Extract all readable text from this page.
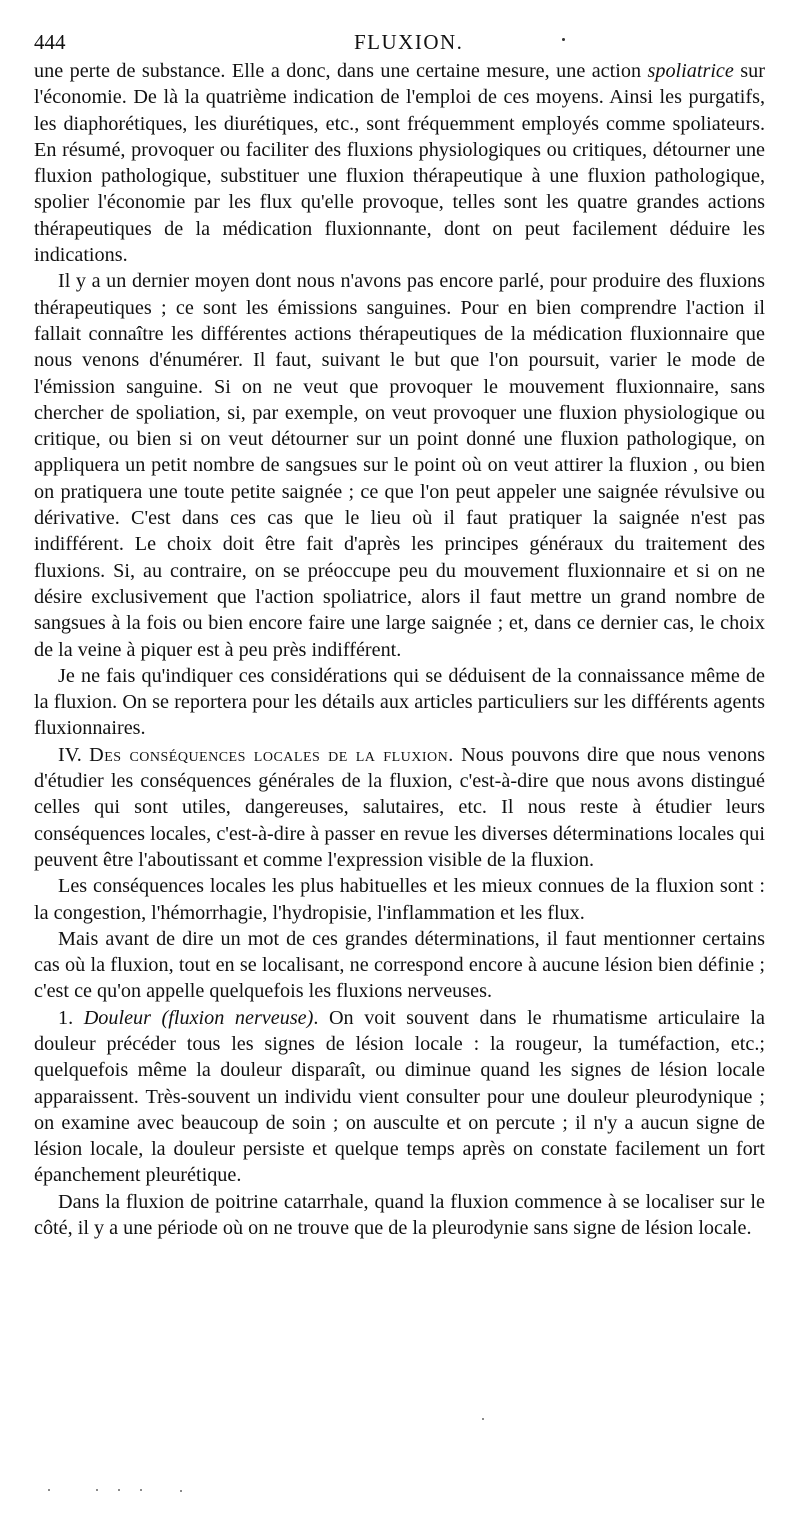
444	FLUXION.

une perte de substance. Elle a donc, dans une certaine mesure, une action spoliatrice sur l'économie. De là la quatrième indication de l'emploi de ces moyens. Ainsi les purgatifs, les diaphorétiques, les diurétiques, etc., sont fréquemment employés comme spoliateurs. En résumé, provoquer ou faciliter des fluxions physiologiques ou critiques, détourner une fluxion pathologique, substituer une fluxion thérapeutique à une fluxion pathologique, spolier l'économie par les flux qu'elle provoque, telles sont les quatre grandes actions thérapeutiques de la médication fluxionnante, dont on peut facilement déduire les indications.

Il y a un dernier moyen dont nous n'avons pas encore parlé, pour produire des fluxions thérapeutiques ; ce sont les émissions sanguines. Pour en bien comprendre l'action il fallait connaître les différentes actions thérapeutiques de la médication fluxionnaire que nous venons d'énumérer. Il faut, suivant le but que l'on poursuit, varier le mode de l'émission sanguine. Si on ne veut que provoquer le mouvement fluxionnaire, sans chercher de spoliation, si, par exemple, on veut provoquer une fluxion physiologique ou critique, ou bien si on veut détourner sur un point donné une fluxion pathologique, on appliquera un petit nombre de sangsues sur le point où on veut attirer la fluxion , ou bien on pratiquera une toute petite saignée ; ce que l'on peut appeler une saignée révulsive ou dérivative. C'est dans ces cas que le lieu où il faut pratiquer la saignée n'est pas indifférent. Le choix doit être fait d'après les principes généraux du traitement des fluxions. Si, au contraire, on se préoccupe peu du mouvement fluxionnaire et si on ne désire exclusivement que l'action spoliatrice, alors il faut mettre un grand nombre de sangsues à la fois ou bien encore faire une large saignée ; et, dans ce dernier cas, le choix de la veine à piquer est à peu près indifférent.

Je ne fais qu'indiquer ces considérations qui se déduisent de la connaissance même de la fluxion. On se reportera pour les détails aux articles particuliers sur les différents agents fluxionnaires.

IV. Des conséquences locales de la fluxion. Nous pouvons dire que nous venons d'étudier les conséquences générales de la fluxion, c'est-à-dire que nous avons distingué celles qui sont utiles, dangereuses, salutaires, etc. Il nous reste à étudier leurs conséquences locales, c'est-à-dire à passer en revue les diverses déterminations locales qui peuvent être l'aboutissant et comme l'expression visible de la fluxion.

Les conséquences locales les plus habituelles et les mieux connues de la fluxion sont : la congestion, l'hémorrhagie, l'hydropisie, l'inflammation et les flux.

Mais avant de dire un mot de ces grandes déterminations, il faut mentionner certains cas où la fluxion, tout en se localisant, ne correspond encore à aucune lésion bien définie ; c'est ce qu'on appelle quelquefois les fluxions nerveuses.

1. Douleur (fluxion nerveuse). On voit souvent dans le rhumatisme articulaire la douleur précéder tous les signes de lésion locale : la rougeur, la tuméfaction, etc.; quelquefois même la douleur disparaît, ou diminue quand les signes de lésion locale apparaissent. Très-souvent un individu vient consulter pour une douleur pleurodynique ; on examine avec beaucoup de soin ; on ausculte et on percute ; il n'y a aucun signe de lésion locale, la douleur persiste et quelque temps après on constate facilement un fort épanchement pleurétique.

Dans la fluxion de poitrine catarrhale, quand la fluxion commence à se localiser sur le côté, il y a une période où on ne trouve que de la pleurodynie sans signe de lésion locale.
